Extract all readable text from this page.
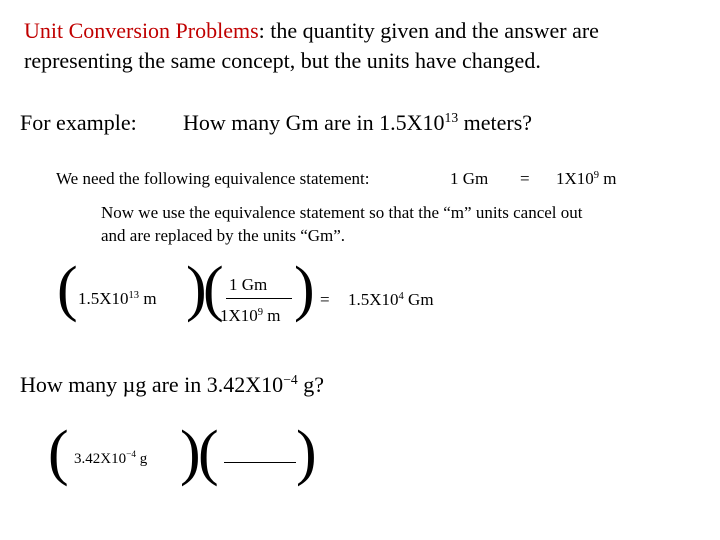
Unit Conversion Problems: the quantity given and the answer are
representing the same concept, but the units have changed.
For example: How many Gm are in $1.5X10^{13}$ meters?
We need the following equivalence statement:	1 $Gm = 1X10^9$ m
Now we use the equivalence statement so that the “m” units cancel out
and are replaced by the units “Gm”.
( $1.5X10^{13}$ m )
( 1 Gm
$1X10^9$ m ) = $1.5X10^4$ Gm
How many µg are in $3.42X10^{-4}$ g?
( $3.42X10^{-4}$ g )
( )
